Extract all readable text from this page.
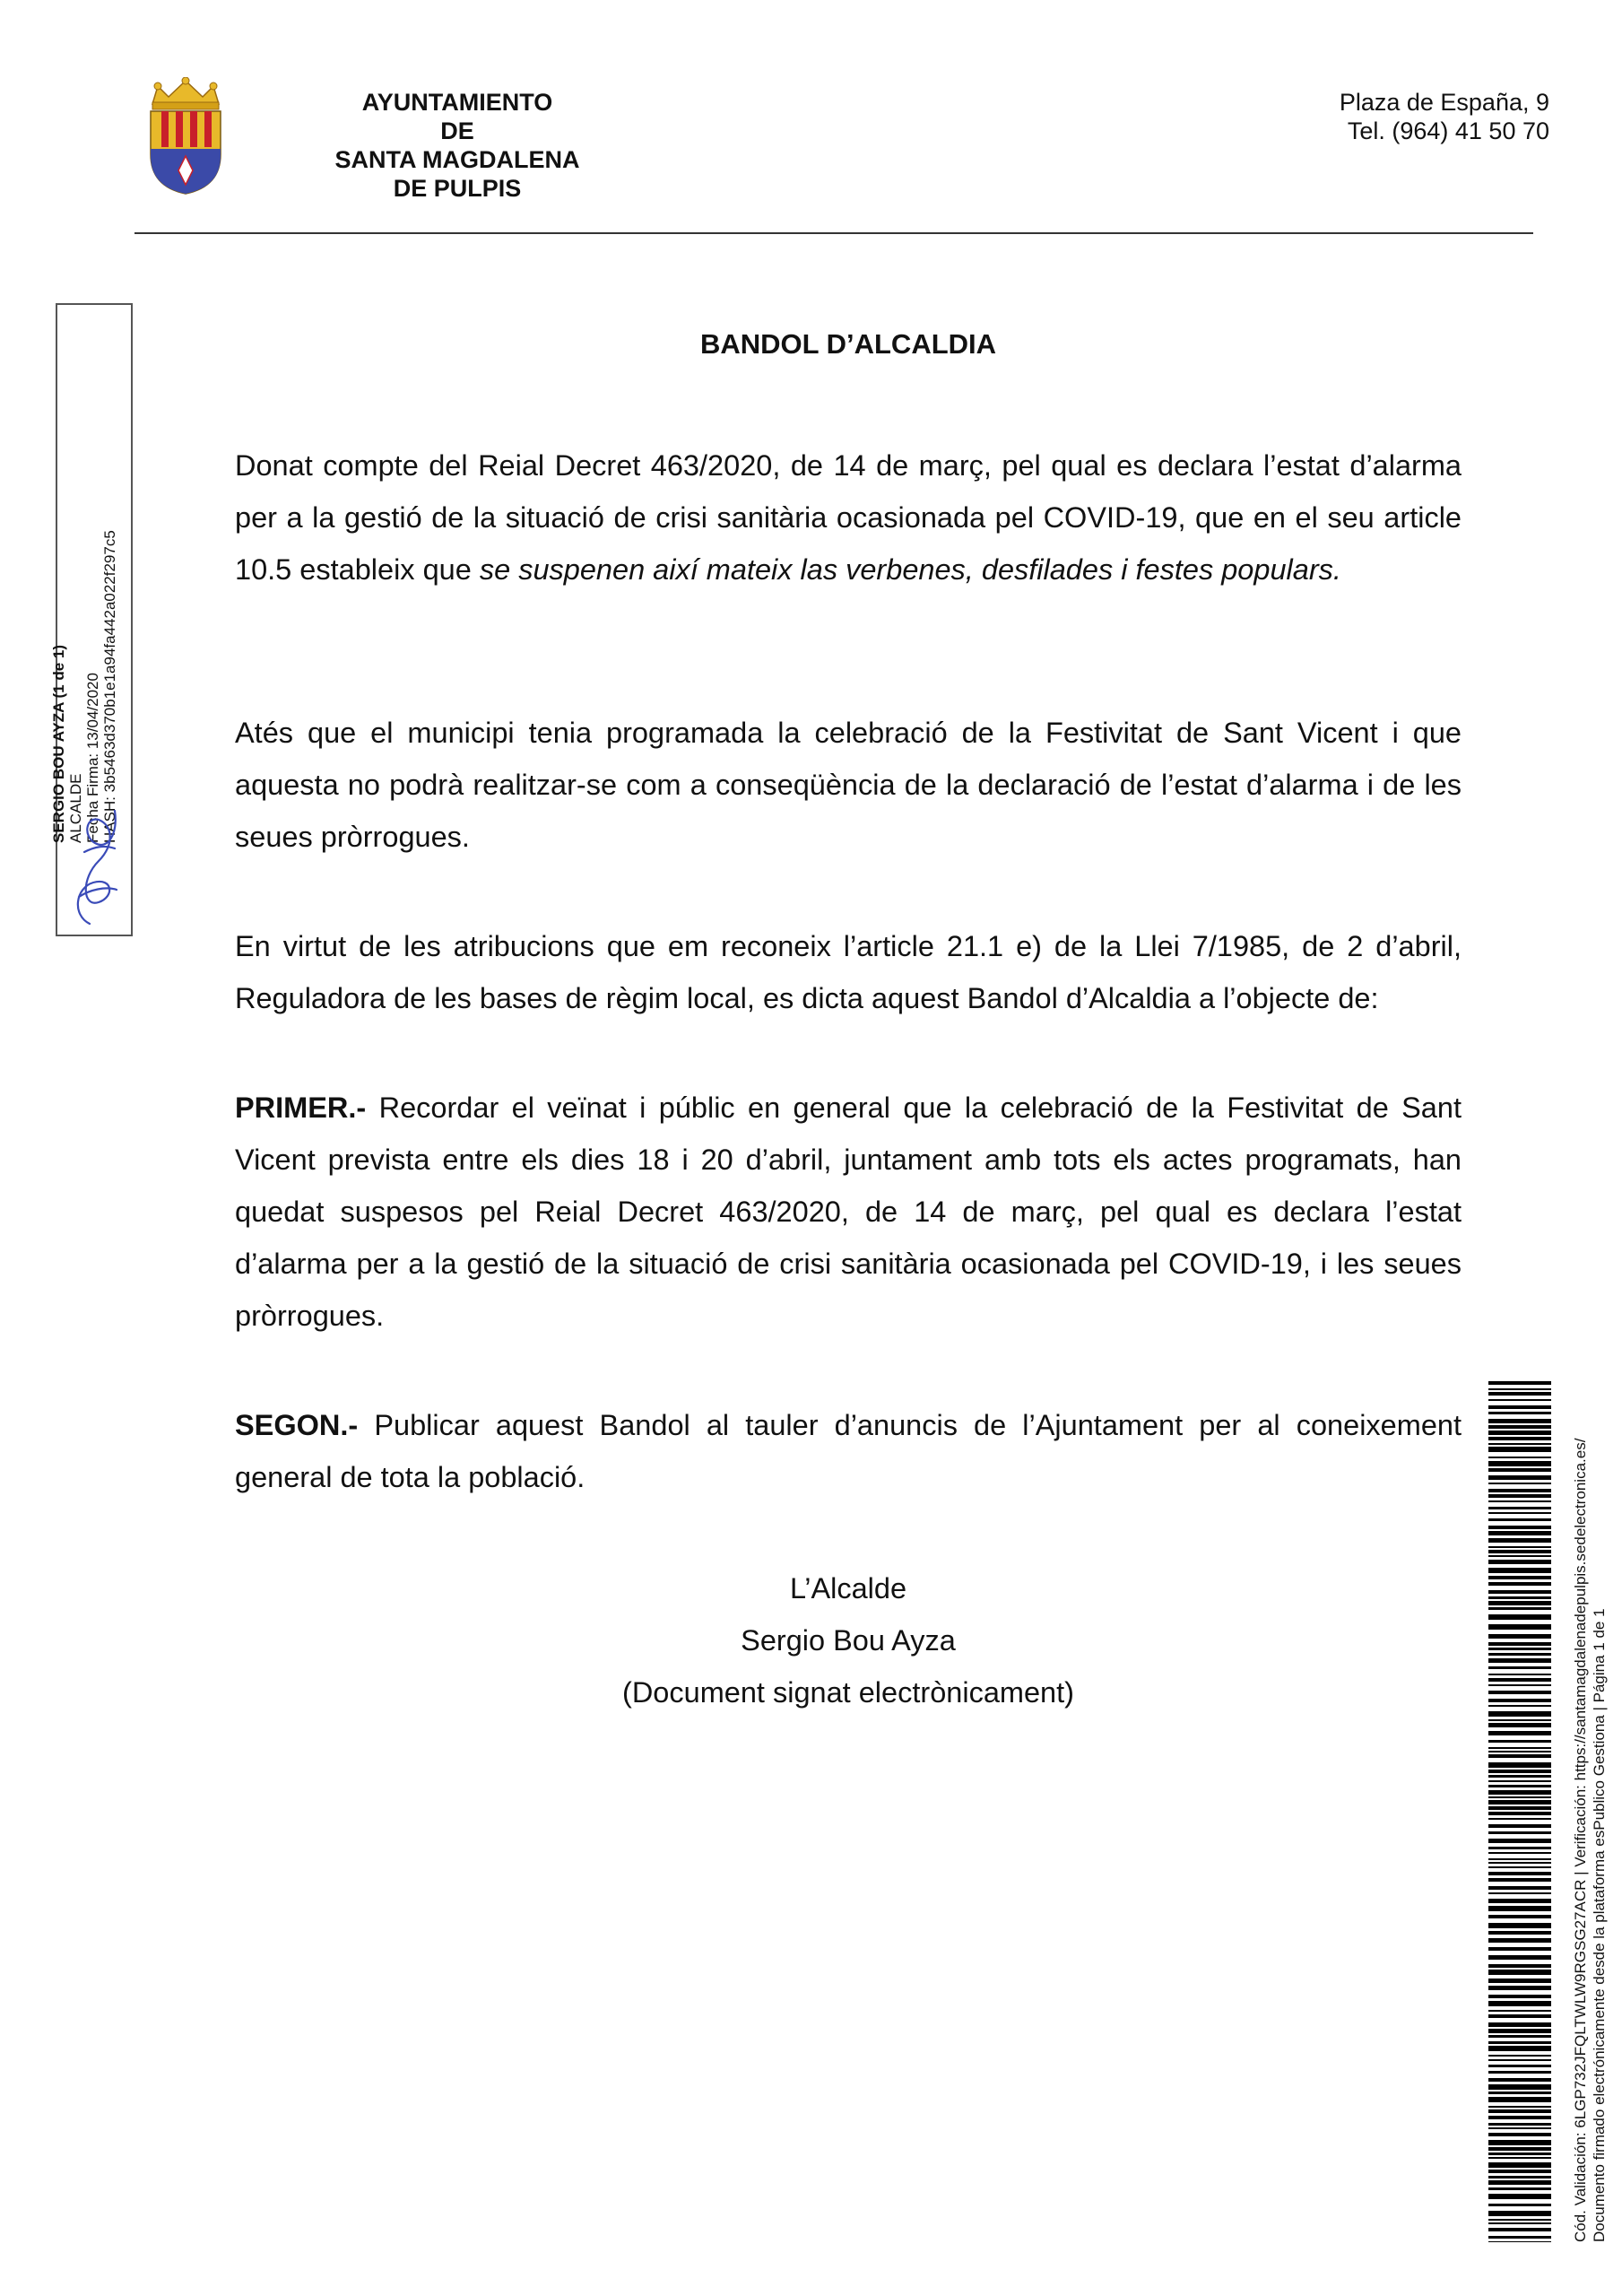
AYUNTAMIENTO
DE
SANTA MAGDALENA
DE PULPIS
Plaza de España, 9
Tel. (964) 41 50 70
SERGIO BOU AYZA (1 de 1) ALCALDE Fecha Firma: 13/04/2020 HASH: 3b5463d370b1e1a94fa442a022f297c5
BANDOL D’ALCALDIA
Donat compte del Reial Decret 463/2020, de 14 de març, pel qual es declara l’estat d’alarma per a la gestió de la situació de crisi sanitària ocasionada pel COVID-19, que en el seu article 10.5 estableix que se suspenen així mateix las verbenes, desfilades i festes populars.
Atés que el municipi tenia programada la celebració de la Festivitat de Sant Vicent i que aquesta no podrà realitzar-se com a conseqüència de la declaració de l’estat d’alarma i de les seues pròrrogues.
En virtut de les atribucions que em reconeix l’article 21.1 e) de la Llei 7/1985, de 2 d’abril, Reguladora de les bases de règim local, es dicta aquest Bandol d’Alcaldia a l’objecte de:
PRIMER.- Recordar el veïnat i públic en general que la celebració de la Festivitat de Sant Vicent prevista entre els dies 18 i 20 d’abril, juntament amb tots els actes programats, han quedat suspesos pel Reial Decret 463/2020, de 14 de març, pel qual es declara l’estat d’alarma per a la gestió de la situació de crisi sanitària ocasionada pel COVID-19, i les seues pròrrogues.
SEGON.- Publicar aquest Bandol al tauler d’anuncis de l’Ajuntament per al coneixement general de tota la població.
L’Alcalde
Sergio Bou Ayza
(Document signat electrònicament)	Cód. Validación: 6LGP732JFQLTWLW9RGSG27ACR | Verificación: https://santamagdalenadepulpis.sedelectronica.es/ Documento firmado electrónicamente desde la plataforma esPublico Gestiona | Página 1 de 1
